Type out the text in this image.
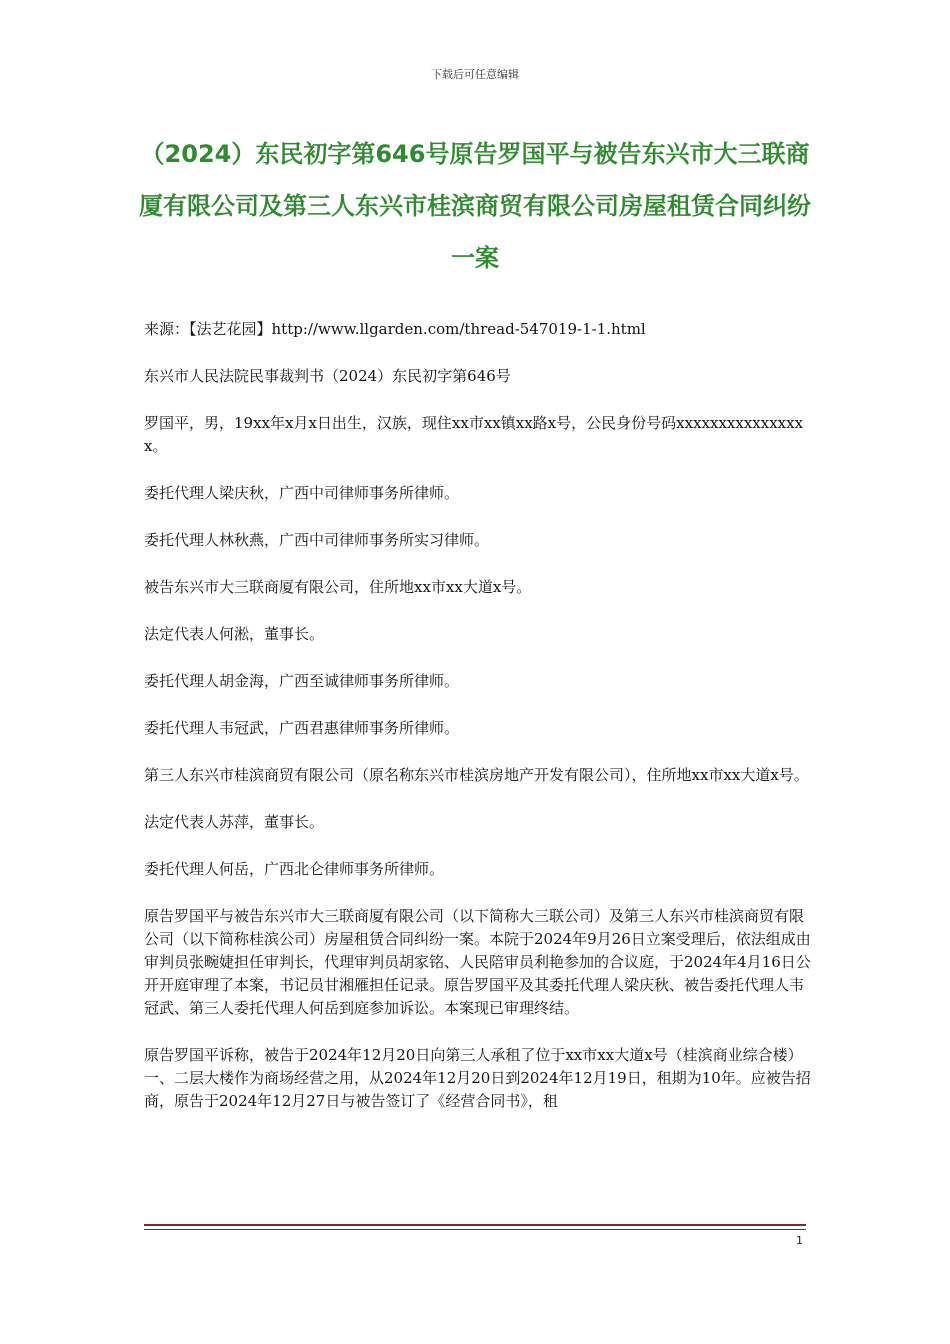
下载后可任意编辑
（2024）东民初字第646号原告罗国平与被告东兴市大三联商厦有限公司及第三人东兴市桂滨商贸有限公司房屋租赁合同纠纷一案

来源：【法艺花园】http://www.llgarden.com/thread-547019-1-1.html

东兴市人民法院民事裁判书（2024）东民初字第646号

罗国平，男，19xx年x月x日出生，汉族，现住xx市xx镇xx路x号，公民身份号码xxxxxxxxxxxxxxxx。

委托代理人梁庆秋，广西中司律师事务所律师。

委托代理人林秋燕，广西中司律师事务所实习律师。

被告东兴市大三联商厦有限公司，住所地xx市xx大道x号。

法定代表人何淞，董事长。

委托代理人胡金海，广西至诚律师事务所律师。

委托代理人韦冠武，广西君惠律师事务所律师。

第三人东兴市桂滨商贸有限公司（原名称东兴市桂滨房地产开发有限公司），住所地xx市xx大道x号。

法定代表人苏萍，董事长。

委托代理人何岳，广西北仑律师事务所律师。

原告罗国平与被告东兴市大三联商厦有限公司（以下简称大三联公司）及第三人东兴市桂滨商贸有限公司（以下简称桂滨公司）房屋租赁合同纠纷一案。本院于2024年9月26日立案受理后，依法组成由审判员张畹婕担任审判长，代理审判员胡家铭、人民陪审员利艳参加的合议庭，于2024年4月16日公开开庭审理了本案，书记员甘湘雁担任记录。原告罗国平及其委托代理人梁庆秋、被告委托代理人韦冠武、第三人委托代理人何岳到庭参加诉讼。本案现已审理终结。

原告罗国平诉称，被告于2024年12月20日向第三人承租了位于xx市xx大道x号（桂滨商业综合楼）一、二层大楼作为商场经营之用，从2024年12月20日到2024年12月19日，租期为10年。应被告招商，原告于2024年12月27日与被告签订了《经营合同书》，租

1
